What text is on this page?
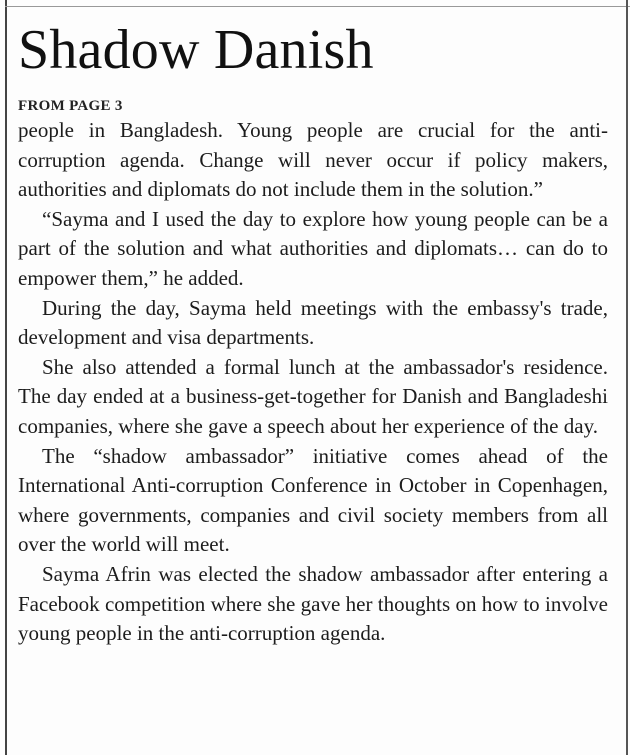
Shadow Danish

FROM PAGE 3

people in Bangladesh. Young people are crucial for the anti-corruption agenda. Change will never occur if policy makers, authorities and diplomats do not include them in the solution.”

“Sayma and I used the day to explore how young people can be a part of the solution and what authorities and diplomats… can do to empower them,” he added.

During the day, Sayma held meetings with the embassy's trade, development and visa departments.

She also attended a formal lunch at the ambassador's residence. The day ended at a business-get-together for Danish and Bangladeshi companies, where she gave a speech about her experience of the day.

The “shadow ambassador” initiative comes ahead of the International Anti-corruption Conference in October in Copenhagen, where governments, companies and civil society members from all over the world will meet.

Sayma Afrin was elected the shadow ambassador after entering a Facebook competition where she gave her thoughts on how to involve young people in the anti-corruption agenda.
